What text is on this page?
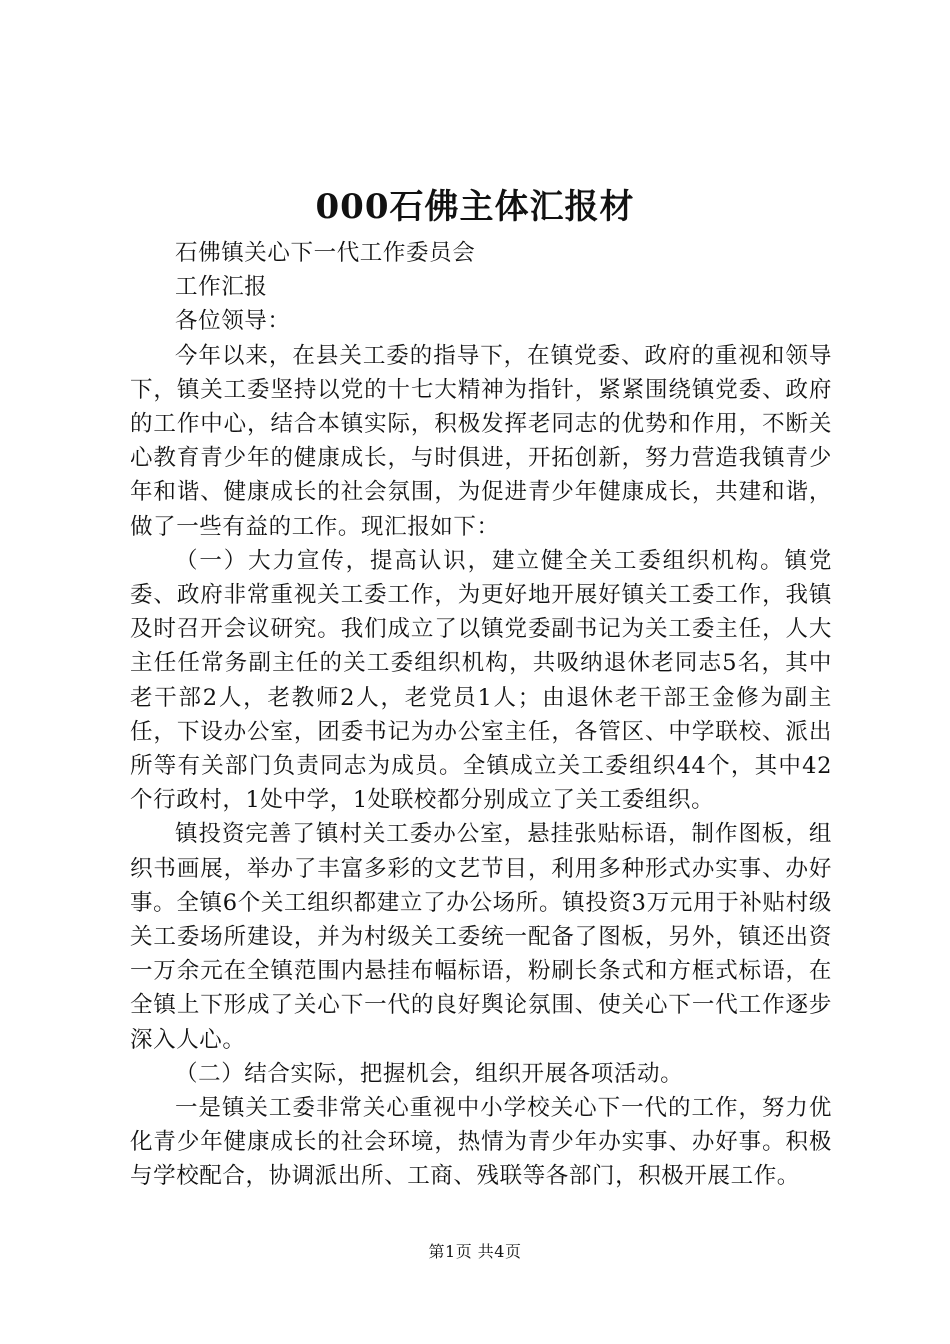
000石佛主体汇报材

石佛镇关心下一代工作委员会

工作汇报

各位领导：

今年以来，在县关工委的指导下，在镇党委、政府的重视和领导下，镇关工委坚持以党的十七大精神为指针，紧紧围绕镇党委、政府的工作中心，结合本镇实际，积极发挥老同志的优势和作用，不断关心教育青少年的健康成长，与时俱进，开拓创新，努力营造我镇青少年和谐、健康成长的社会氛围，为促进青少年健康成长，共建和谐，做了一些有益的工作。现汇报如下：

（一）大力宣传，提高认识，建立健全关工委组织机构。镇党委、政府非常重视关工委工作，为更好地开展好镇关工委工作，我镇及时召开会议研究。我们成立了以镇党委副书记为关工委主任，人大主任任常务副主任的关工委组织机构，共吸纳退休老同志5名，其中老干部2人，老教师2人，老党员1人；由退休老干部王金修为副主任，下设办公室，团委书记为办公室主任，各管区、中学联校、派出所等有关部门负责同志为成员。全镇成立关工委组织44个，其中42个行政村，1处中学，1处联校都分别成立了关工委组织。

镇投资完善了镇村关工委办公室，悬挂张贴标语，制作图板，组织书画展，举办了丰富多彩的文艺节目，利用多种形式办实事、办好事。全镇6个关工组织都建立了办公场所。镇投资3万元用于补贴村级关工委场所建设，并为村级关工委统一配备了图板，另外，镇还出资一万余元在全镇范围内悬挂布幅标语，粉刷长条式和方框式标语，在全镇上下形成了关心下一代的良好舆论氛围、使关心下一代工作逐步深入人心。

（二）结合实际，把握机会，组织开展各项活动。

一是镇关工委非常关心重视中小学校关心下一代的工作，努力优化青少年健康成长的社会环境，热情为青少年办实事、办好事。积极与学校配合，协调派出所、工商、残联等各部门，积极开展工作。

第1页 共4页
